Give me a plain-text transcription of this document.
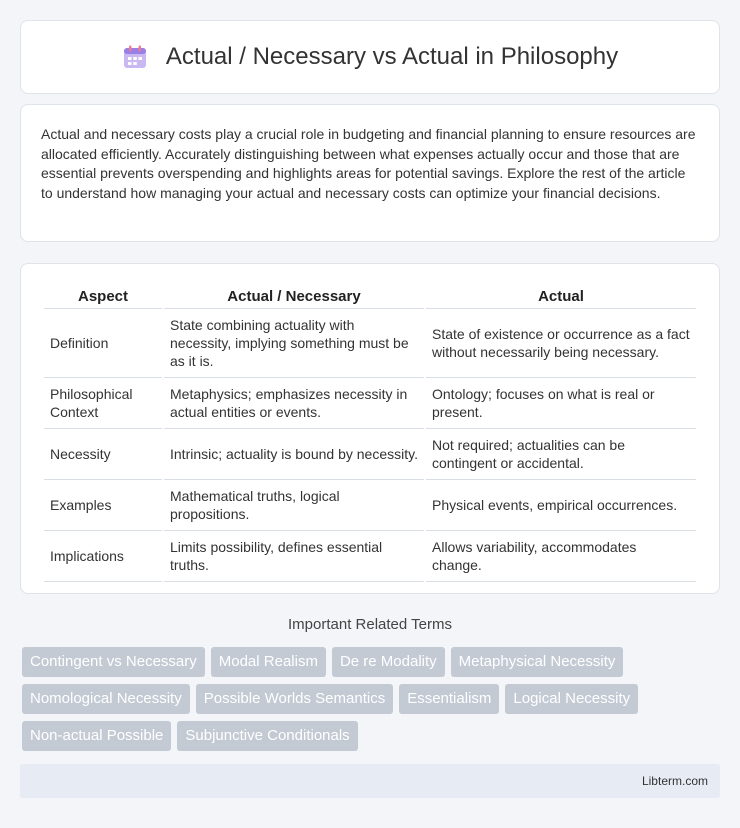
Actual / Necessary vs Actual in Philosophy

Actual and necessary costs play a crucial role in budgeting and financial planning to ensure resources are allocated efficiently. Accurately distinguishing between what expenses actually occur and those that are essential prevents overspending and highlights areas for potential savings. Explore the rest of the article to understand how managing your actual and necessary costs can optimize your financial decisions.

Aspect	Actual / Necessary	Actual
Definition	State combining actuality with necessity, implying something must be as it is.	State of existence or occurrence as a fact without necessarily being necessary.
Philosophical Context	Metaphysics; emphasizes necessity in actual entities or events.	Ontology; focuses on what is real or present.
Necessity	Intrinsic; actuality is bound by necessity.	Not required; actualities can be contingent or accidental.
Examples	Mathematical truths, logical propositions.	Physical events, empirical occurrences.
Implications	Limits possibility, defines essential truths.	Allows variability, accommodates change.
Important Related Terms
Contingent vs Necessary	Modal Realism	De re Modality	Metaphysical Necessity
Nomological Necessity	Possible Worlds Semantics	Essentialism	Logical Necessity
Non-actual Possible	Subjunctive Conditionals
Libterm.com
